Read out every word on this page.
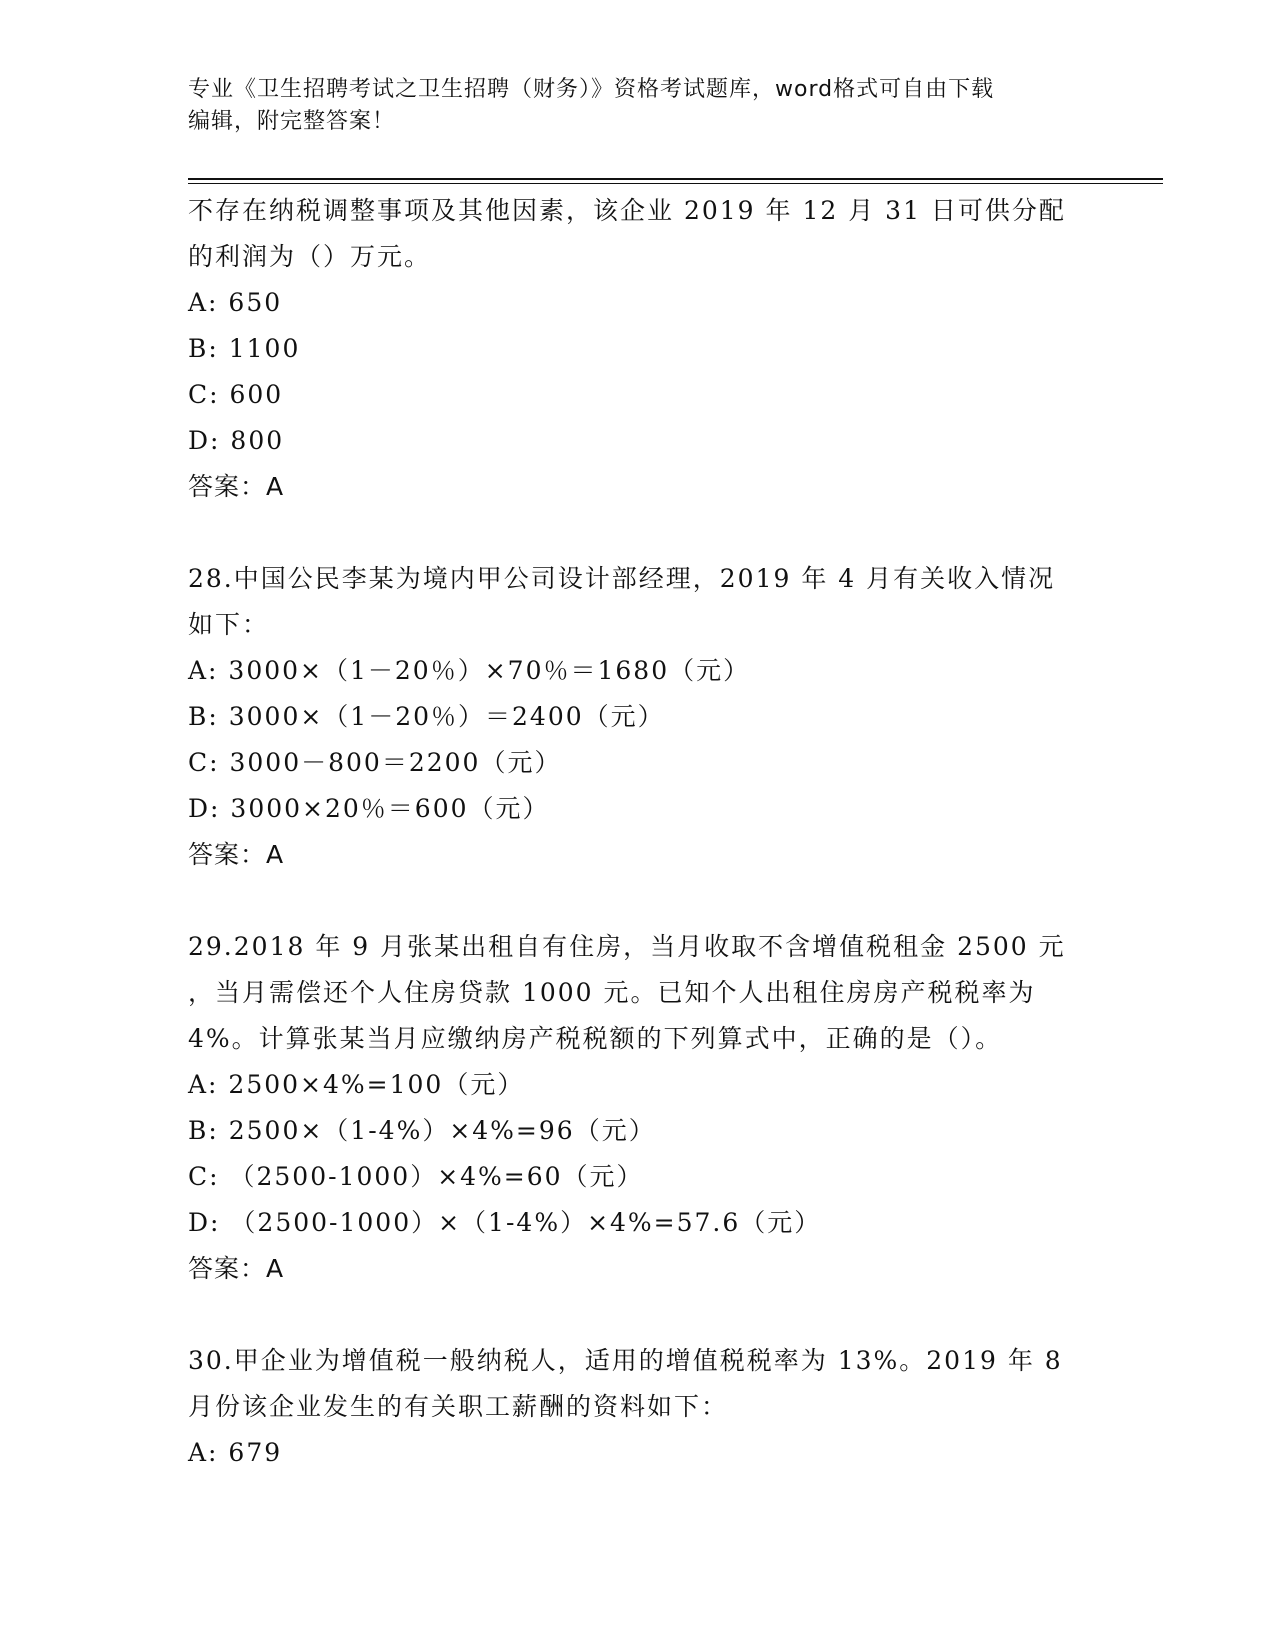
专业《卫生招聘考试之卫生招聘（财务）》资格考试题库，word格式可自由下载
编辑，附完整答案！

不存在纳税调整事项及其他因素，该企业 2019 年 12 月 31 日可供分配

的利润为（）万元。

A: 650

B: 1100

C: 600

D: 800

答案：A

28.中国公民李某为境内甲公司设计部经理，2019 年 4 月有关收入情况

如下：

A: 3000×（1－20％）×70％＝1680（元）

B: 3000×（1－20％）＝2400（元）

C: 3000－800＝2200（元）

D: 3000×20％＝600（元）

答案：A

29.2018 年 9 月张某出租自有住房，当月收取不含增值税租金 2500 元

，当月需偿还个人住房贷款 1000 元。已知个人出租住房房产税税率为

4%。计算张某当月应缴纳房产税税额的下列算式中，正确的是（）。

A: 2500×4%=100（元）

B: 2500×（1-4%）×4%=96（元）

C: （2500-1000）×4%=60（元）

D: （2500-1000）×（1-4%）×4%=57.6（元）

答案：A

30.甲企业为增值税一般纳税人，适用的增值税税率为 13%。2019 年 8

月份该企业发生的有关职工薪酬的资料如下：

A: 679
